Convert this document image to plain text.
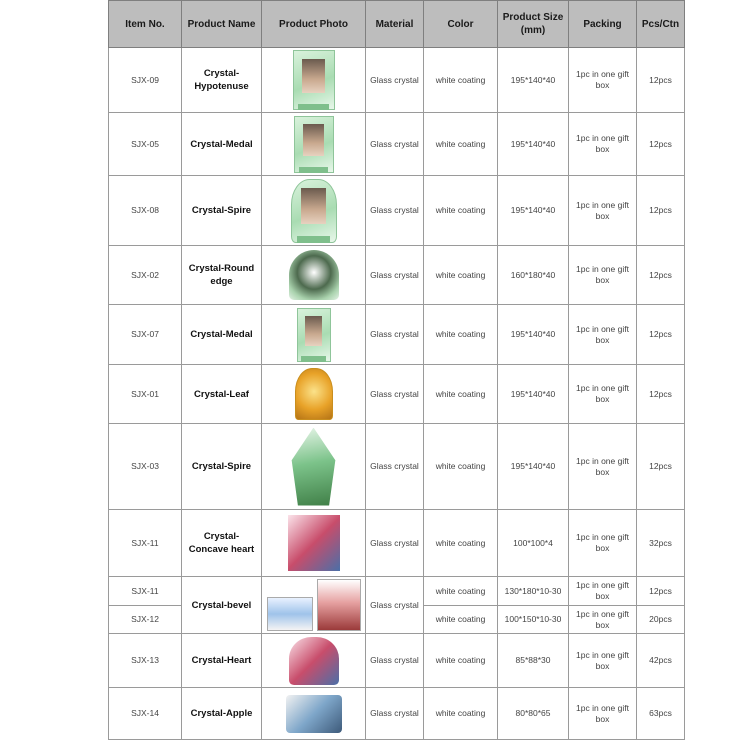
Item No.	Product Name	Product Photo	Material	Color	Product Size (mm)	Packing	Pcs/Ctn
SJX-09	Crystal-Hypotenuse		Glass crystal	white coating	195*140*40	1pc in one gift box	12pcs
SJX-05	Crystal-Medal		Glass crystal	white coating	195*140*40	1pc in one gift box	12pcs
SJX-08	Crystal-Spire		Glass crystal	white coating	195*140*40	1pc in one gift box	12pcs
SJX-02	Crystal-Round edge		Glass crystal	white coating	160*180*40	1pc in one gift box	12pcs
SJX-07	Crystal-Medal		Glass crystal	white coating	195*140*40	1pc in one gift box	12pcs
SJX-01	Crystal-Leaf		Glass crystal	white coating	195*140*40	1pc in one gift box	12pcs
SJX-03	Crystal-Spire		Glass crystal	white coating	195*140*40	1pc in one gift box	12pcs
SJX-11	Crystal-Concave heart		Glass crystal	white coating	100*100*4	1pc in one gift box	32pcs
SJX-11	Crystal-bevel		Glass crystal	white coating	130*180*10-30	1pc in one gift box	12pcs
SJX-12				white coating	100*150*10-30	1pc in one gift box	20pcs
SJX-13	Crystal-Heart		Glass crystal	white coating	85*88*30	1pc in one gift box	42pcs
SJX-14	Crystal-Apple		Glass crystal	white coating	80*80*65	1pc in one gift box	63pcs
